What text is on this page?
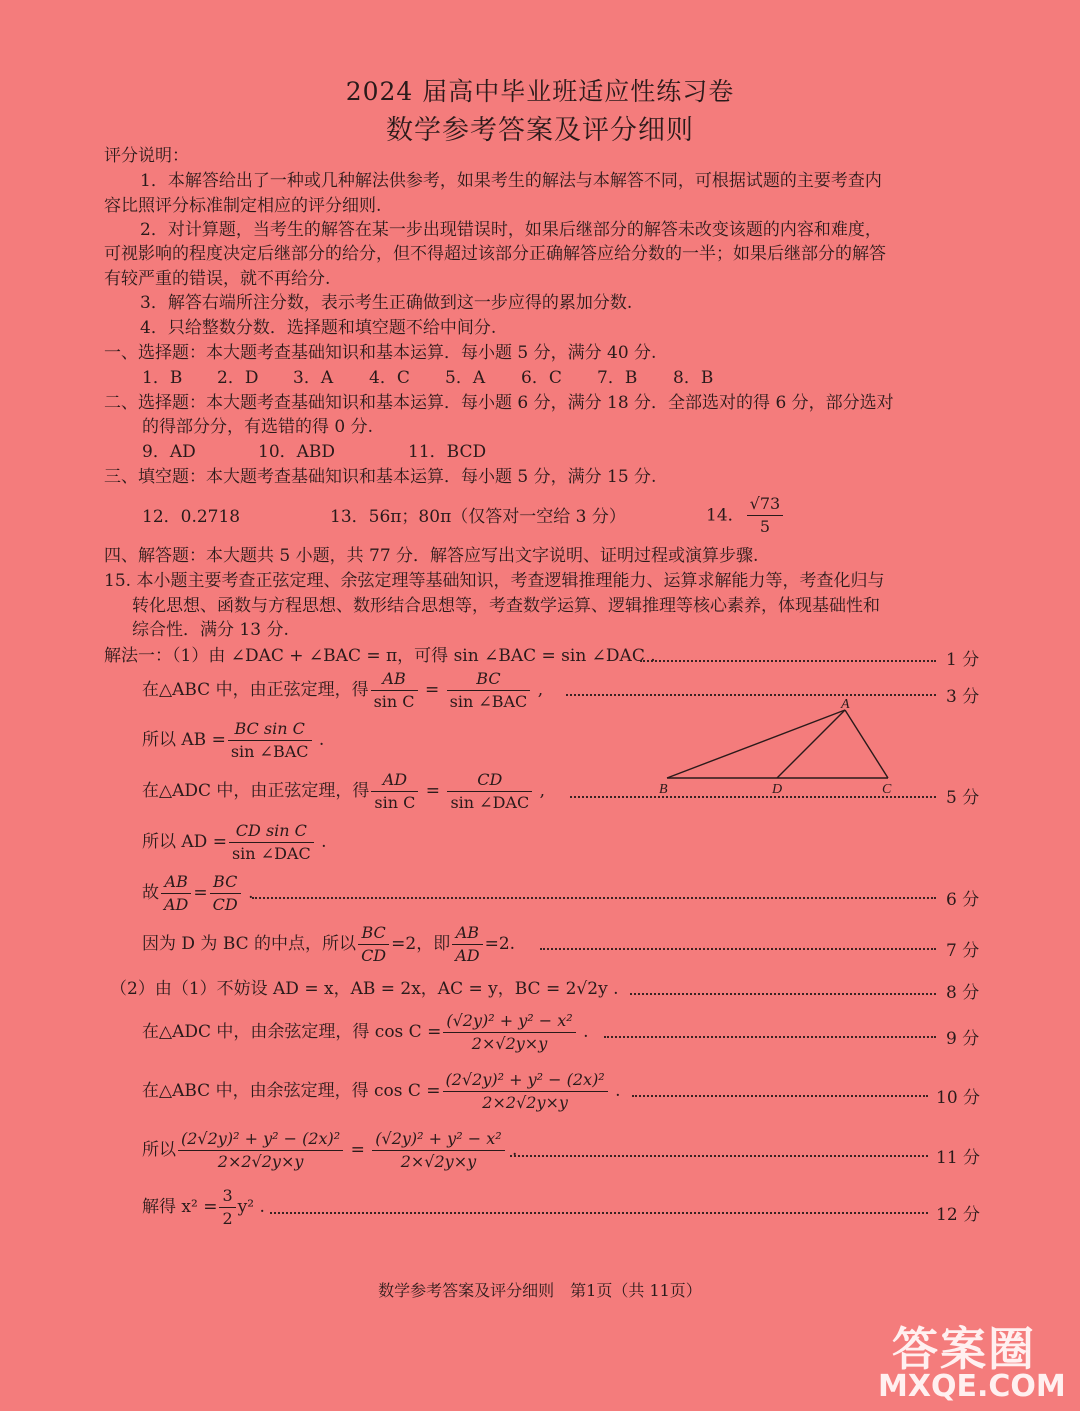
2024 届高中毕业班适应性练习卷
数学参考答案及评分细则
评分说明：
1．本解答给出了一种或几种解法供参考，如果考生的解法与本解答不同，可根据试题的主要考查内
容比照评分标准制定相应的评分细则.
2．对计算题，当考生的解答在某一步出现错误时，如果后继部分的解答未改变该题的内容和难度，
可视影响的程度决定后继部分的给分，但不得超过该部分正确解答应给分数的一半；如果后继部分的解答
有较严重的错误，就不再给分.
3．解答右端所注分数，表示考生正确做到这一步应得的累加分数.
4．只给整数分数．选择题和填空题不给中间分.
一、选择题：本大题考查基础知识和基本运算．每小题 5 分，满分 40 分.
1．B 2．D 3．A 4．C 5．A 6．C 7．B 8．B
二、选择题：本大题考查基础知识和基本运算．每小题 6 分，满分 18 分．全部选对的得 6 分，部分选对
的得部分分，有选错的得 0 分.
9．AD	10．ABD	11．BCD
三、填空题：本大题考查基础知识和基本运算．每小题 5 分，满分 15 分.
12．0.2718	13．56π；80π（仅答对一空给 3 分）	14． $\frac{√73}{5}$
四、解答题：本大题共 5 小题，共 77 分．解答应写出文字说明、证明过程或演算步骤.
15. 本小题主要考查正弦定理、余弦定理等基础知识，考查逻辑推理能力、运算求解能力等，考查化归与
转化思想、函数与方程思想、数形结合思想等，考查数学运算、逻辑推理等核心素养，体现基础性和
综合性．满分 13 分.
解法一：（1）由 ∠DAC + ∠BAC = π，可得 sin ∠BAC = sin ∠DAC .	1 分
在△ABC 中，由正弦定理，得 $\frac{AB}{\text{sin C}} = \frac{BC}{\text{sin ∠BAC}}$ ,	3 分
所以 AB = $\frac{\text{BC sin C}}{\text{sin ∠BAC}}$ .
A
B	D	C
在△ADC 中，由正弦定理，得 $\frac{AD}{\text{sin C}} = \frac{CD}{\text{sin ∠DAC}}$ ,	5 分
所以 AD = $\frac{\text{CD sin C}}{\text{sin ∠DAC}}$ .
故 $\frac{AB}{AD} = \frac{BC}{CD}$ .	6 分
因为 D 为 BC 的中点，所以 $\frac{BC}{CD} =2$，即 $\frac{AB}{AD} =2$.	7 分
（2）由（1）不妨设 AD = x，AB = 2x，AC = y，BC = 2√2y .	8 分
在△ADC 中，由余弦定理，得 $\cos C = \frac{\text{(√2y)² + y² − x²}}{2\times√2y\times y}$ .	9 分
在△ABC 中，由余弦定理，得 $\cos C = \frac{\text{(2√2y)² + y² − (2x)²}}{2\times 2√2y\times y}$ .	10 分
所以 $\frac{\text{(2√2y)² + y² − (2x)²}}{2\times 2√2y\times y} = \frac{\text{(√2y)² + y² − x²}}{2\times√2y\times y}$ .	11 分
解得 $x^2 = \frac{3}{2} y^2$ .	12 分
数学参考答案及评分细则　第1页（共 11页）
答案圈
MXQE.COM
